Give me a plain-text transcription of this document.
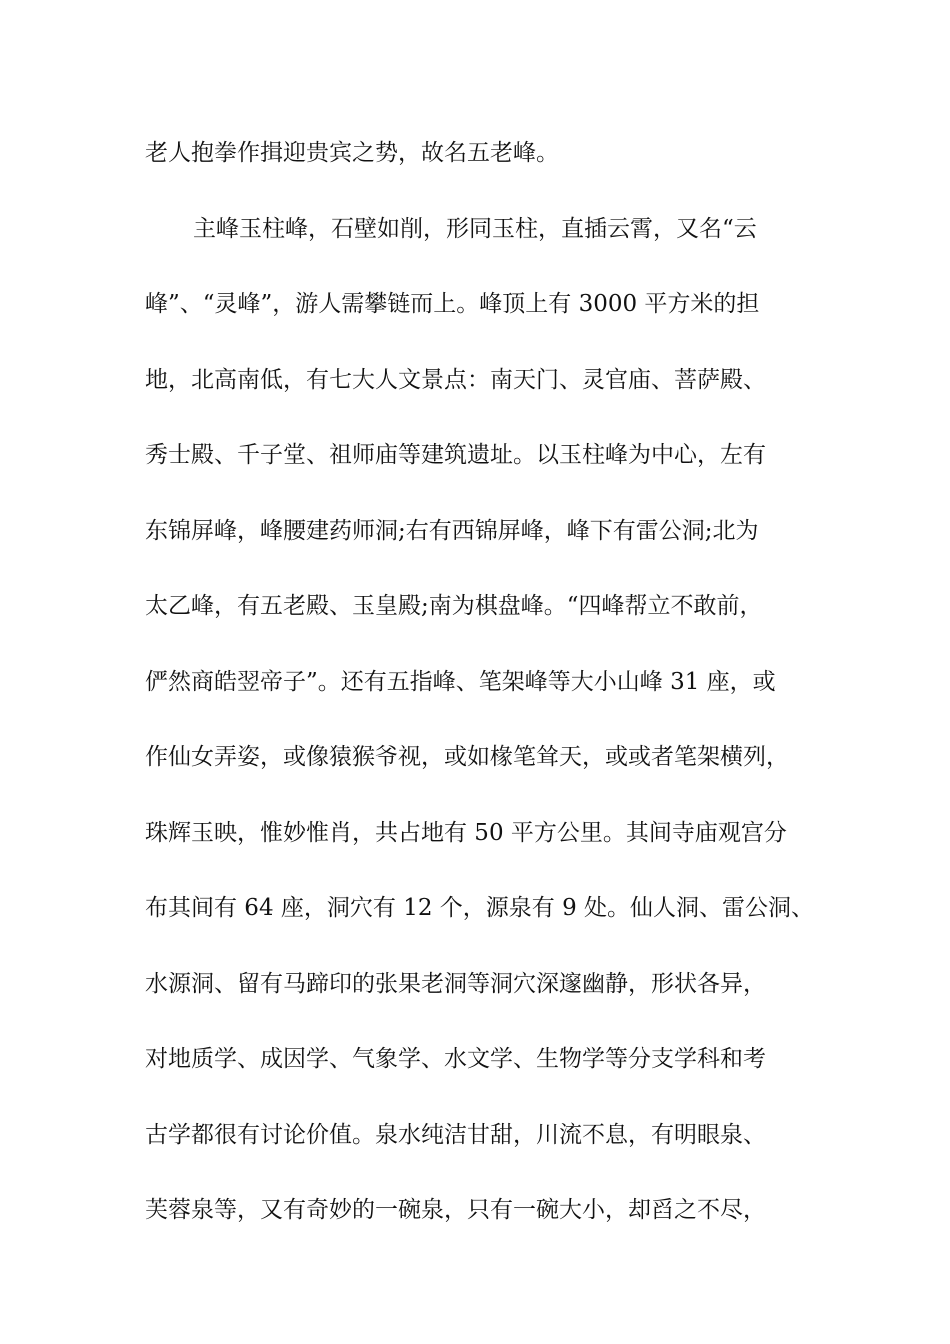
老人抱拳作揖迎贵宾之势，故名五老峰。
主峰玉柱峰，石壁如削，形同玉柱，直插云霄，又名“云
峰”、“灵峰”，游人需攀链而上。峰顶上有 3000 平方米的担
地，北高南低，有七大人文景点：南天门、灵官庙、菩萨殿、
秀士殿、千子堂、祖师庙等建筑遗址。以玉柱峰为中心，左有
东锦屏峰，峰腰建药师洞;右有西锦屏峰，峰下有雷公洞;北为
太乙峰，有五老殿、玉皇殿;南为棋盘峰。“四峰帮立不敢前，
俨然商皓翌帝子”。还有五指峰、笔架峰等大小山峰 31 座，或
作仙女弄姿，或像猿猴爷视，或如椽笔耸天，或或者笔架横列，
珠辉玉映，惟妙惟肖，共占地有 50 平方公里。其间寺庙观宫分
布其间有 64 座，洞穴有 12 个，源泉有 9 处。仙人洞、雷公洞、
水源洞、留有马蹄印的张果老洞等洞穴深邃幽静，形状各异，
对地质学、成因学、气象学、水文学、生物学等分支学科和考
古学都很有讨论价值。泉水纯洁甘甜，川流不息，有明眼泉、
芙蓉泉等，又有奇妙的一碗泉，只有一碗大小，却舀之不尽，
